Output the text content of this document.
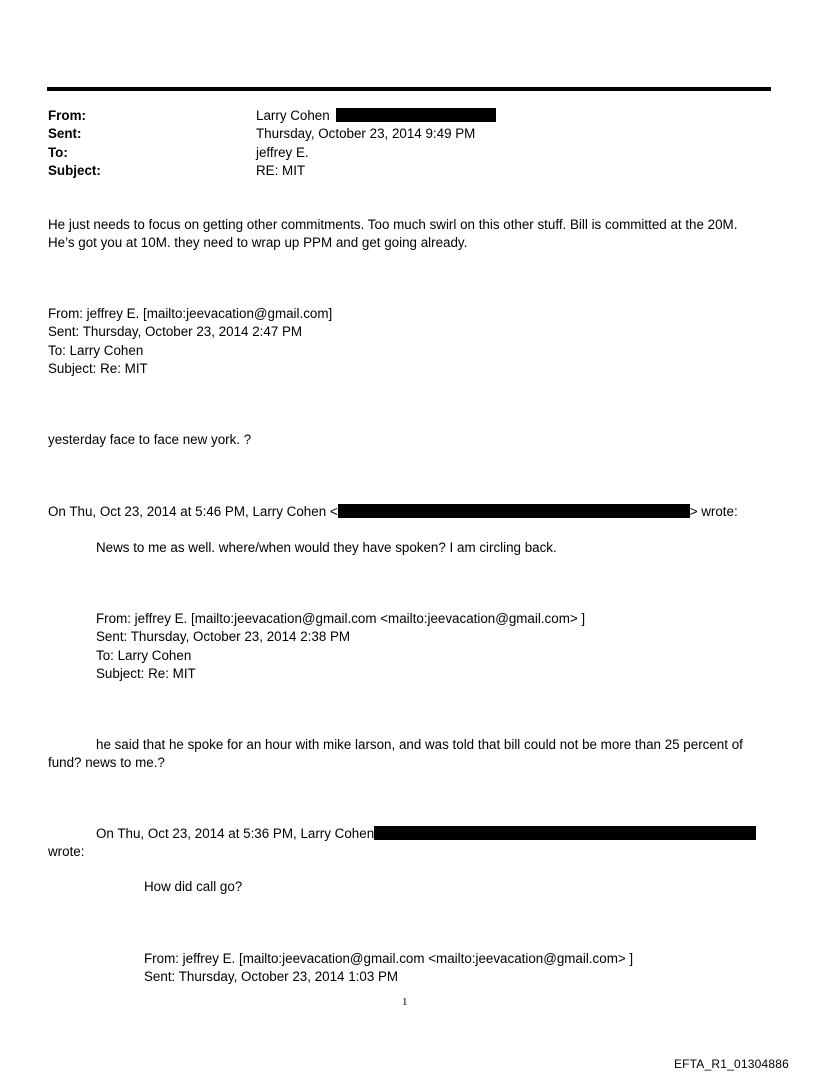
From:	Larry Cohen
Sent:	Thursday, October 23, 2014 9:49 PM
To:	jeffrey E.
Subject:	RE: MIT
He just needs to focus on getting other commitments. Too much swirl on this other stuff. Bill is committed at the 20M.
He’s got you at 10M. they need to wrap up PPM and get going already.
From: jeffrey E. [mailto:jeevacation@gmail.com]
Sent: Thursday, October 23, 2014 2:47 PM
To: Larry Cohen
Subject: Re: MIT
yesterday face to face new york. ?
On Thu, Oct 23, 2014 at 5:46 PM, Larry Cohen <	> wrote:
News to me as well. where/when would they have spoken? I am circling back.
From: jeffrey E. [mailto:jeevacation@gmail.com <mailto:jeevacation@gmail.com> ]
Sent: Thursday, October 23, 2014 2:38 PM
To: Larry Cohen
Subject: Re: MIT
he said that he spoke for an hour with mike larson, and was told that bill could not be more than 25 percent of
fund? news to me.?
On Thu, Oct 23, 2014 at 5:36 PM, Larry Cohen
wrote:
How did call go?
From: jeffrey E. [mailto:jeevacation@gmail.com <mailto:jeevacation@gmail.com> ]
Sent: Thursday, October 23, 2014 1:03 PM
1
EFTA_R1_01304886
